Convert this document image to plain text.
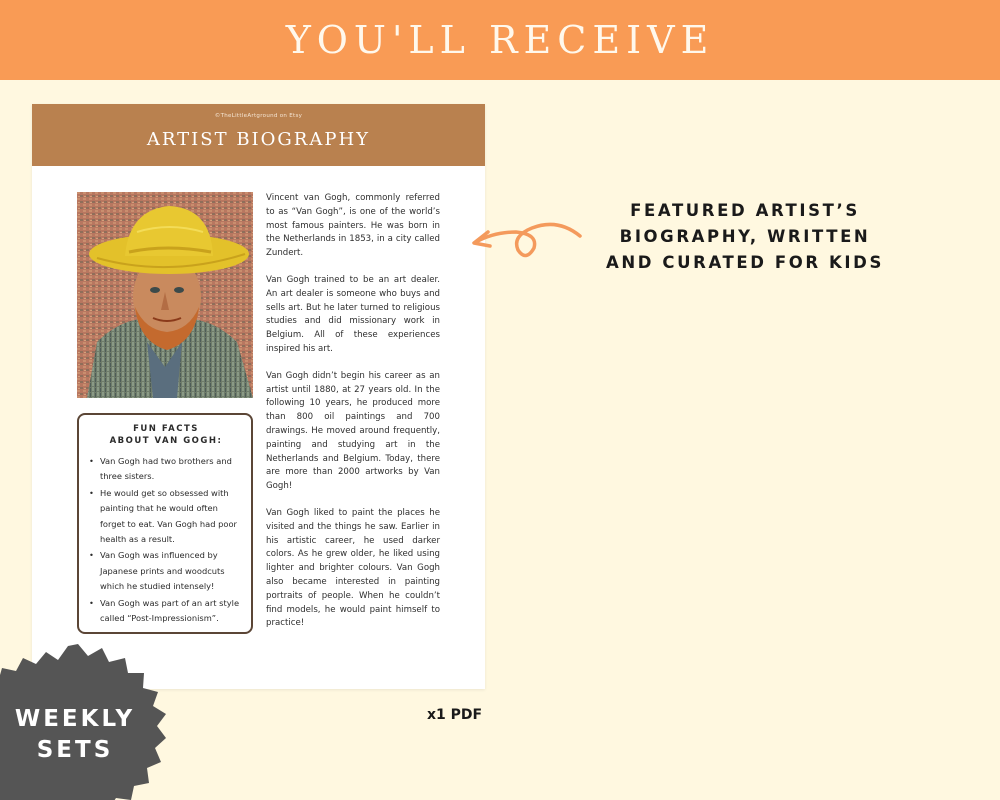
YOU'LL RECEIVE
©TheLittleArtground on Etsy
ARTIST BIOGRAPHY
FUN FACTS
ABOUT VAN GOGH:
• Van Gogh had two brothers and three sisters.
• He would get so obsessed with painting that he would often forget to eat. Van Gogh had poor health as a result.
• Van Gogh was influenced by Japanese prints and woodcuts which he studied intensely!
• Van Gogh was part of an art style called “Post-Impressionism”.

Vincent van Gogh, commonly referred to as “Van Gogh”, is one of the world’s most famous painters. He was born in the Netherlands in 1853, in a city called Zundert.

Van Gogh trained to be an art dealer. An art dealer is someone who buys and sells art. But he later turned to religious studies and did missionary work in Belgium. All of these experiences inspired his art.

Van Gogh didn’t begin his career as an artist until 1880, at 27 years old. In the following 10 years, he produced more than 800 oil paintings and 700 drawings. He moved around frequently, painting and studying art in the Netherlands and Belgium. Today, there are more than 2000 artworks by Van Gogh!

Van Gogh liked to paint the places he visited and the things he saw. Earlier in his artistic career, he used darker colors. As he grew older, he liked using lighter and brighter colours. Van Gogh also became interested in painting portraits of people. When he couldn’t find models, he would paint himself to practice!

FEATURED ARTIST’S
BIOGRAPHY, WRITTEN
AND CURATED FOR KIDS
x1 PDF
WEEKLY
SETS
